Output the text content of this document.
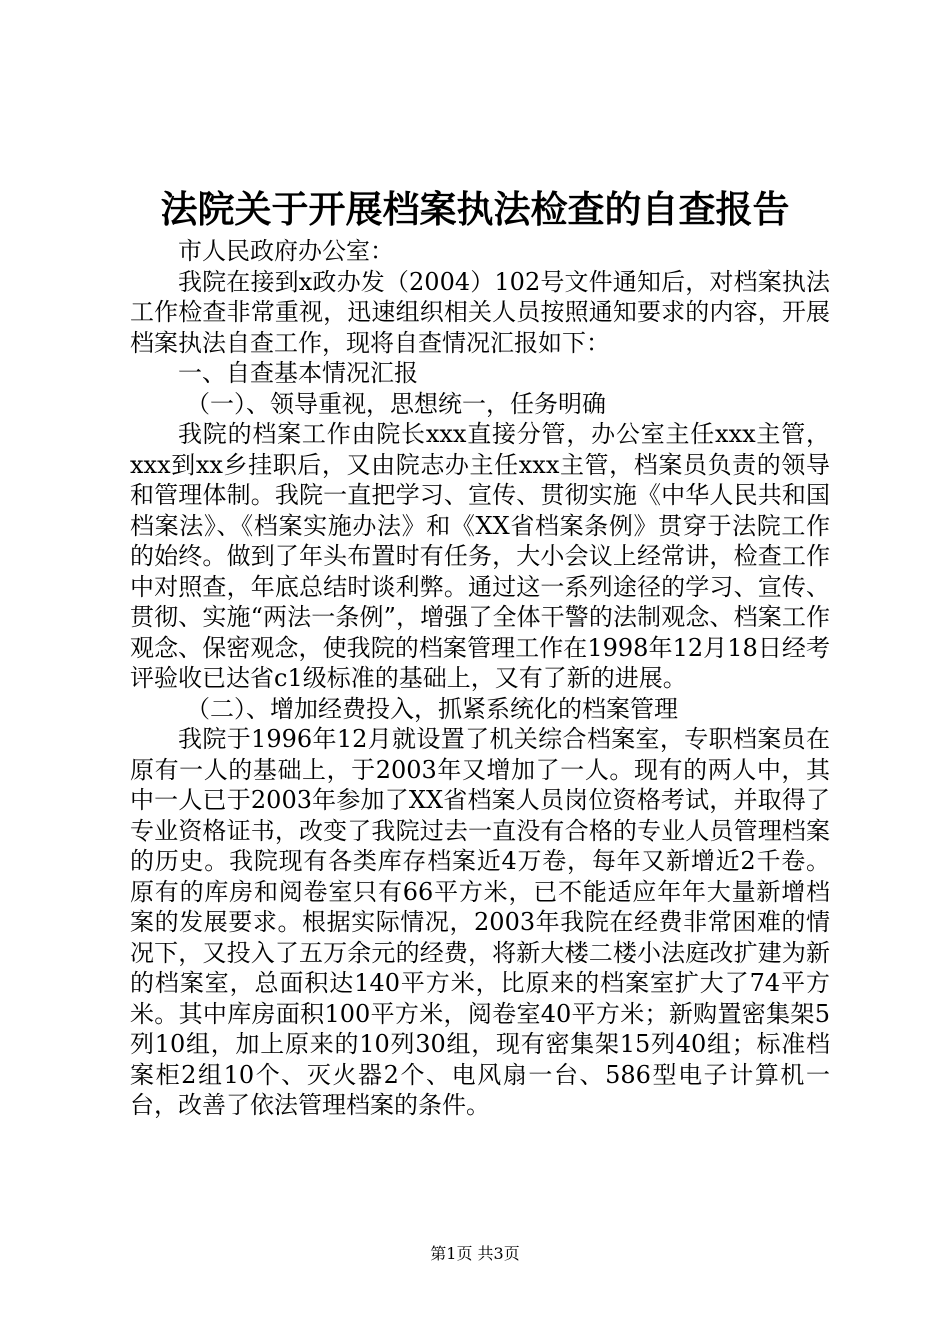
法院关于开展档案执法检查的自查报告

市人民政府办公室：

我院在接到x政办发（2004）102号文件通知后，对档案执法工作检查非常重视，迅速组织相关人员按照通知要求的内容，开展档案执法自查工作，现将自查情况汇报如下：

一、自查基本情况汇报

（一）、领导重视，思想统一，任务明确

我院的档案工作由院长xxx直接分管，办公室主任xxx主管，xxx到xx乡挂职后，又由院志办主任xxx主管，档案员负责的领导和管理体制。我院一直把学习、宣传、贯彻实施《中华人民共和国档案法》、《档案实施办法》和《XX省档案条例》贯穿于法院工作的始终。做到了年头布置时有任务，大小会议上经常讲，检查工作中对照查，年底总结时谈利弊。通过这一系列途径的学习、宣传、贯彻、实施“两法一条例”，增强了全体干警的法制观念、档案工作观念、保密观念，使我院的档案管理工作在1998年12月18日经考评验收已达省c1级标准的基础上，又有了新的进展。

（二）、增加经费投入，抓紧系统化的档案管理

我院于1996年12月就设置了机关综合档案室，专职档案员在原有一人的基础上，于2003年又增加了一人。现有的两人中，其中一人已于2003年参加了XX省档案人员岗位资格考试，并取得了专业资格证书，改变了我院过去一直没有合格的专业人员管理档案的历史。我院现有各类库存档案近4万卷，每年又新增近2千卷。原有的库房和阅卷室只有66平方米，已不能适应年年大量新增档案的发展要求。根据实际情况，2003年我院在经费非常困难的情况下，又投入了五万余元的经费，将新大楼二楼小法庭改扩建为新的档案室，总面积达140平方米，比原来的档案室扩大了74平方米。其中库房面积100平方米，阅卷室40平方米；新购置密集架5列10组，加上原来的10列30组，现有密集架15列40组；标准档案柜2组10个、灭火器2个、电风扇一台、586型电子计算机一台，改善了依法管理档案的条件。

第1页 共3页
